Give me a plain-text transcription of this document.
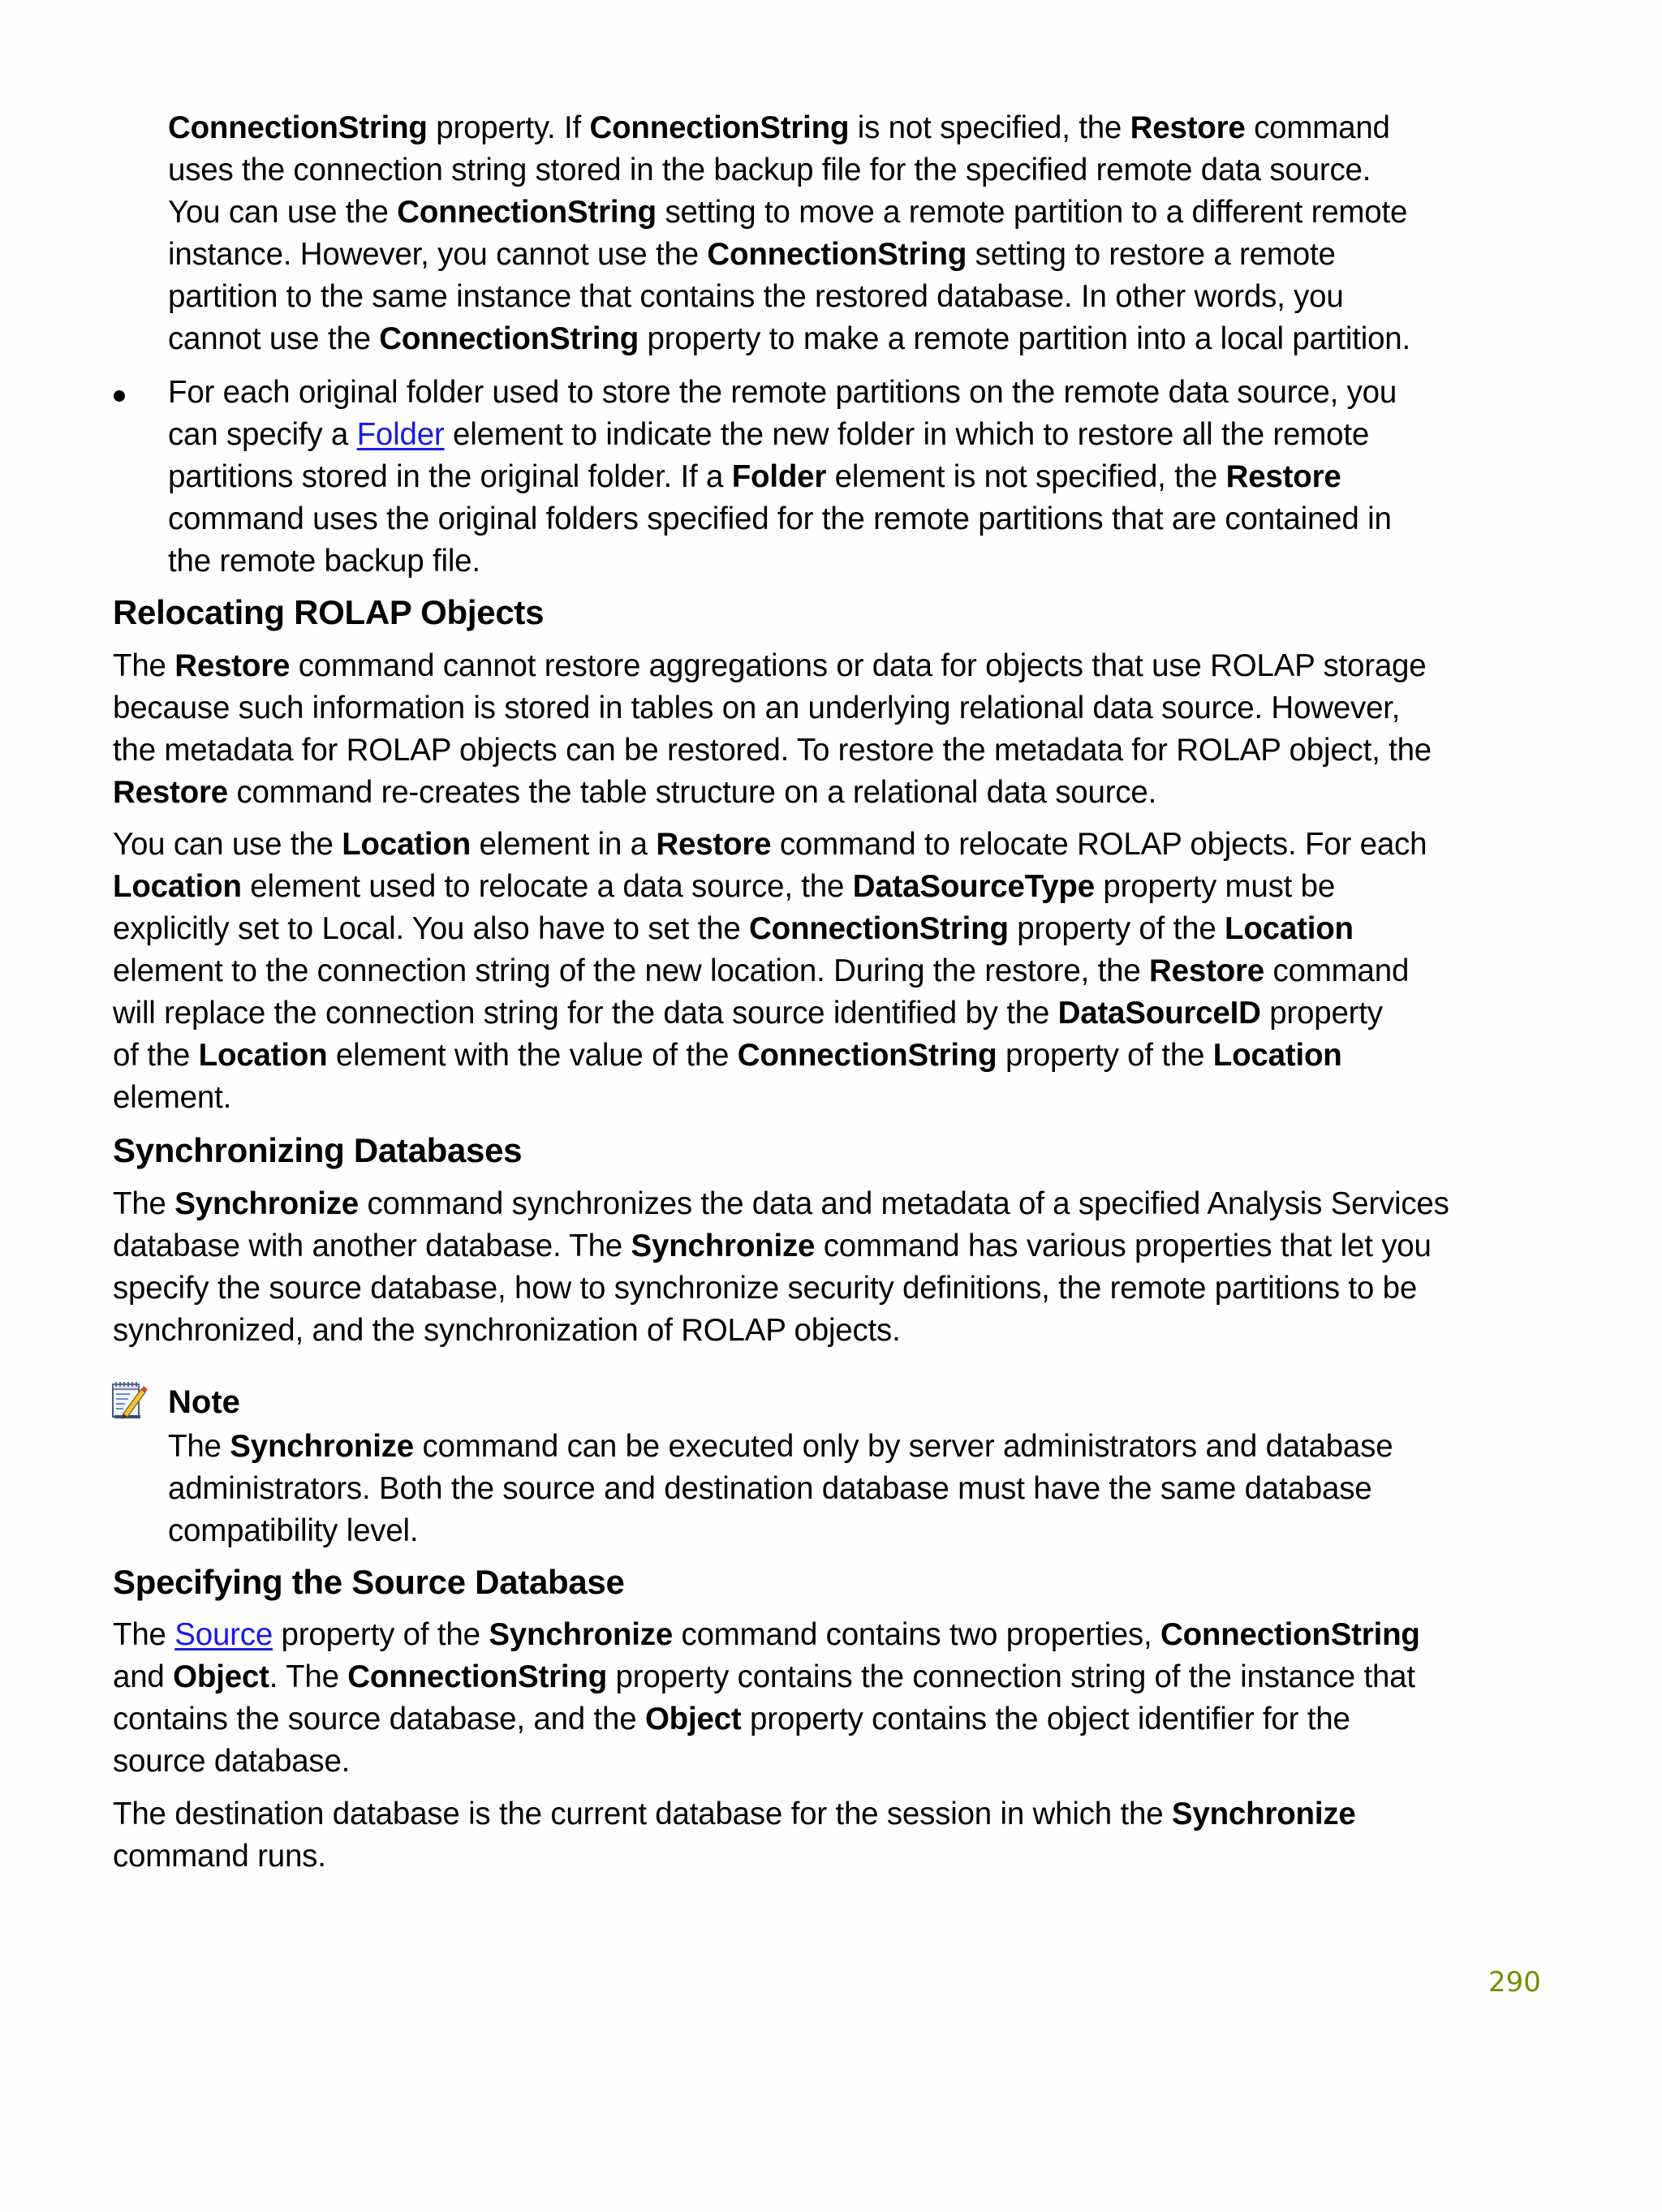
ConnectionString property. If ConnectionString is not specified, the Restore command
uses the connection string stored in the backup file for the specified remote data source.
You can use the ConnectionString setting to move a remote partition to a different remote
instance. However, you cannot use the ConnectionString setting to restore a remote
partition to the same instance that contains the restored database. In other words, you
cannot use the ConnectionString property to make a remote partition into a local partition.
For each original folder used to store the remote partitions on the remote data source, you
can specify a Folder element to indicate the new folder in which to restore all the remote
partitions stored in the original folder. If a Folder element is not specified, the Restore
command uses the original folders specified for the remote partitions that are contained in
the remote backup file.
Relocating ROLAP Objects
The Restore command cannot restore aggregations or data for objects that use ROLAP storage
because such information is stored in tables on an underlying relational data source. However,
the metadata for ROLAP objects can be restored. To restore the metadata for ROLAP object, the
Restore command re-creates the table structure on a relational data source.
You can use the Location element in a Restore command to relocate ROLAP objects. For each
Location element used to relocate a data source, the DataSourceType property must be
explicitly set to Local. You also have to set the ConnectionString property of the Location
element to the connection string of the new location. During the restore, the Restore command
will replace the connection string for the data source identified by the DataSourceID property
of the Location element with the value of the ConnectionString property of the Location
element.
Synchronizing Databases
The Synchronize command synchronizes the data and metadata of a specified Analysis Services
database with another database. The Synchronize command has various properties that let you
specify the source database, how to synchronize security definitions, the remote partitions to be
synchronized, and the synchronization of ROLAP objects.
Note
The Synchronize command can be executed only by server administrators and database
administrators. Both the source and destination database must have the same database
compatibility level.
Specifying the Source Database
The Source property of the Synchronize command contains two properties, ConnectionString
and Object. The ConnectionString property contains the connection string of the instance that
contains the source database, and the Object property contains the object identifier for the
source database.
The destination database is the current database for the session in which the Synchronize
command runs.
290
